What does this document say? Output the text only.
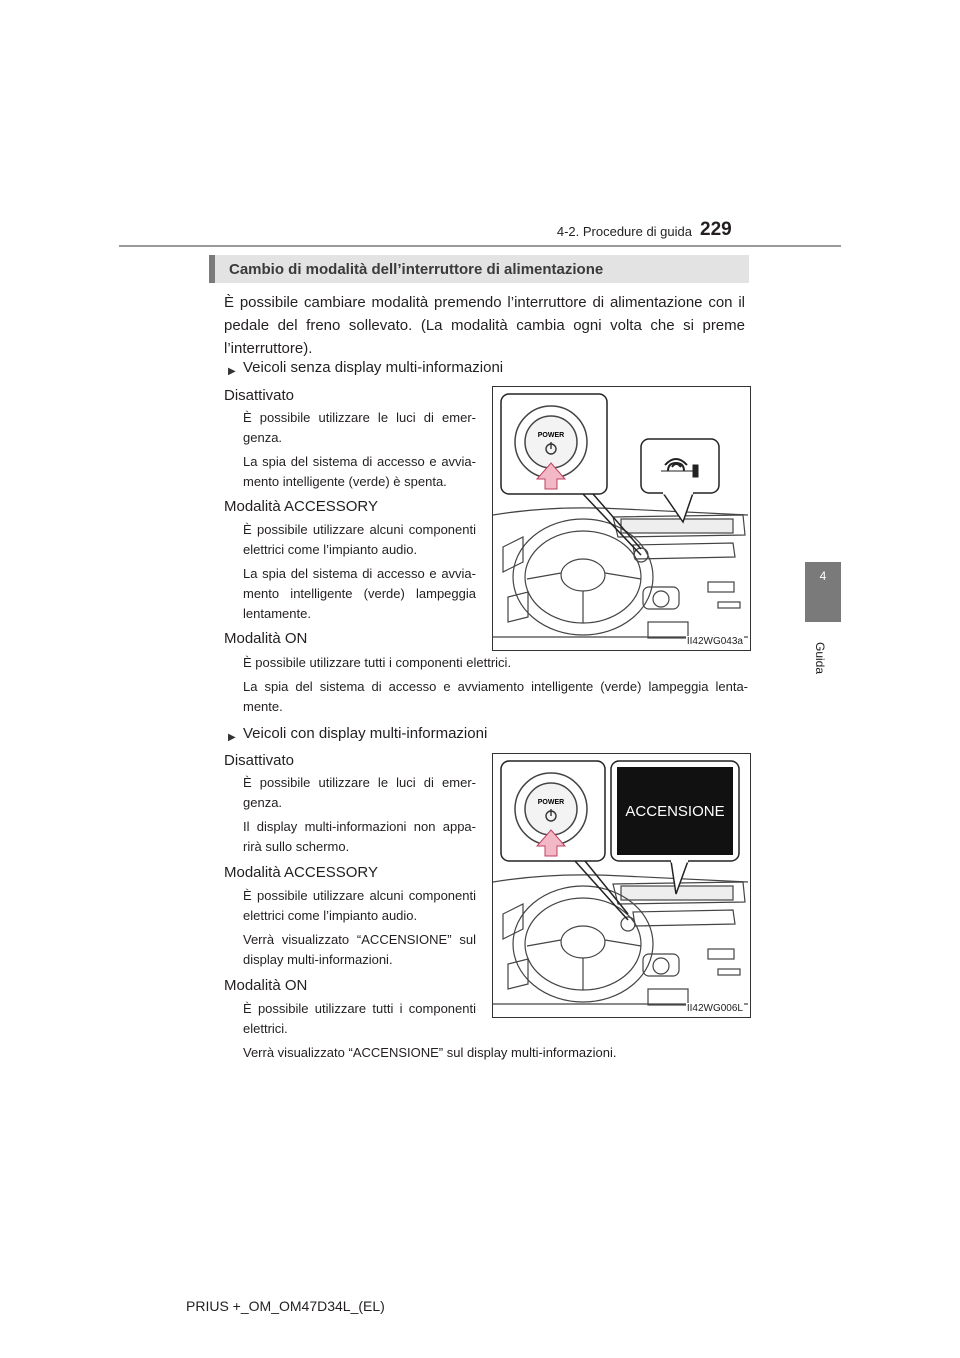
4-2. Procedure di guida 229
4
Guida
Cambio di modalità dell’interruttore di alimentazione
È possibile cambiare modalità premendo l’interruttore di alimentazione con il pedale del freno sollevato. (La modalità cambia ogni volta che si preme l’interruttore).
▶ Veicoli senza display multi-informazioni
Disattivato
È possibile utilizzare le luci di emer-genza.
La spia del sistema di accesso e avvia-mento intelligente (verde) è spenta.
Modalità ACCESSORY
È possibile utilizzare alcuni componenti elettrici come l’impianto audio.
La spia del sistema di accesso e avvia-mento intelligente (verde) lampeggia lentamente.
Modalità ON
È possibile utilizzare tutti i componenti elettrici.
La spia del sistema di accesso e avviamento intelligente (verde) lampeggia lenta-mente.
POWER
II42WG043a
▶ Veicoli con display multi-informazioni
Disattivato
È possibile utilizzare le luci di emer-genza.
Il display multi-informazioni non appa-rirà sullo schermo.
Modalità ACCESSORY
È possibile utilizzare alcuni componenti elettrici come l’impianto audio.
Verrà visualizzato “ACCENSIONE” sul display multi-informazioni.
Modalità ON
È possibile utilizzare tutti i componenti elettrici.
Verrà visualizzato “ACCENSIONE” sul display multi-informazioni.
POWER
ACCENSIONE
II42WG006L
PRIUS +_OM_OM47D34L_(EL)
